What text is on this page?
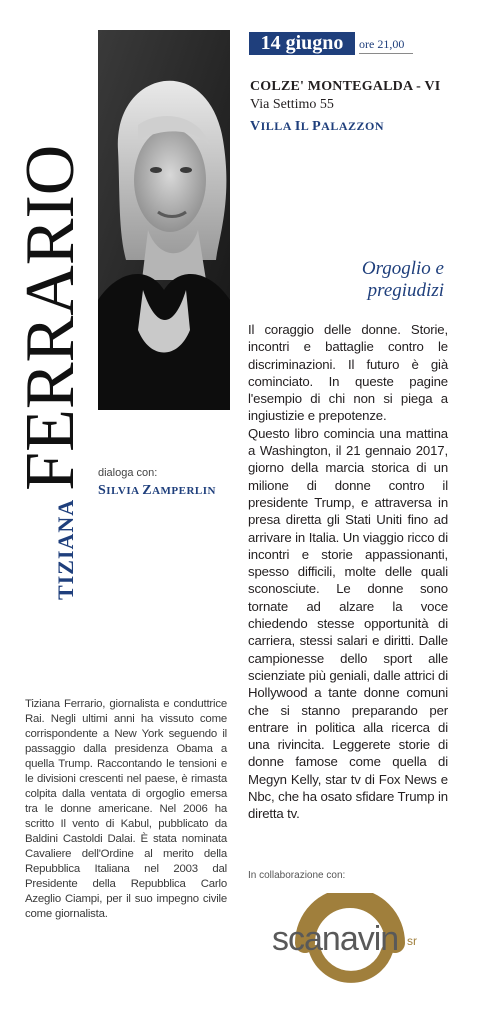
14 giugno	ore 21,00
COLZE' MONTEGALDA - VI
Via Settimo 55
VILLA IL PALAZZON
TIZIANA
FERRARIO dialoga con:
SILVIA ZAMPERLIN
Tiziana Ferrario, giornalista e conduttrice Rai. Negli ultimi anni ha vissuto come corrispondente a New York seguendo il passaggio dalla presidenza Obama a quella Trump. Raccontando le tensioni e le divisioni crescenti nel paese, è rimasta colpita dalla ventata di orgoglio emersa tra le donne americane. Nel 2006 ha scritto Il vento di Kabul, pubblicato da Baldini Castoldi Dalai. È stata nominata Cavaliere dell'Ordine al merito della Repubblica Italiana nel 2003 dal Presidente della Repubblica Carlo Azeglio Ciampi, per il suo impegno civile come giornalista.
Orgoglio e
pregiudizi

Il coraggio delle donne. Storie, incontri e battaglie contro le discriminazioni. Il futuro è già cominciato. In queste pagine l'esempio di chi non si piega a ingiustizie e prepotenze.

Questo libro comincia una mattina a Washington, il 21 gennaio 2017, giorno della marcia storica di un milione di donne contro il presidente Trump, e attraversa in presa diretta gli Stati Uniti fino ad arrivare in Italia. Un viaggio ricco di incontri e storie appassionanti, spesso difficili, molte delle quali sconosciute. Le donne sono tornate ad alzare la voce chiedendo stesse opportunità di carriera, stessi salari e diritti. Dalle campionesse dello sport alle scienziate più geniali, dalle attrici di Hollywood a tante donne comuni che si stanno preparando per entrare in politica alla ricerca di una rivincita. Leggerete storie di donne famose come quella di Megyn Kelly, star tv di Fox News e Nbc, che ha osato sfidare Trump in diretta tv.

In collaborazione con:
scanavin sr
